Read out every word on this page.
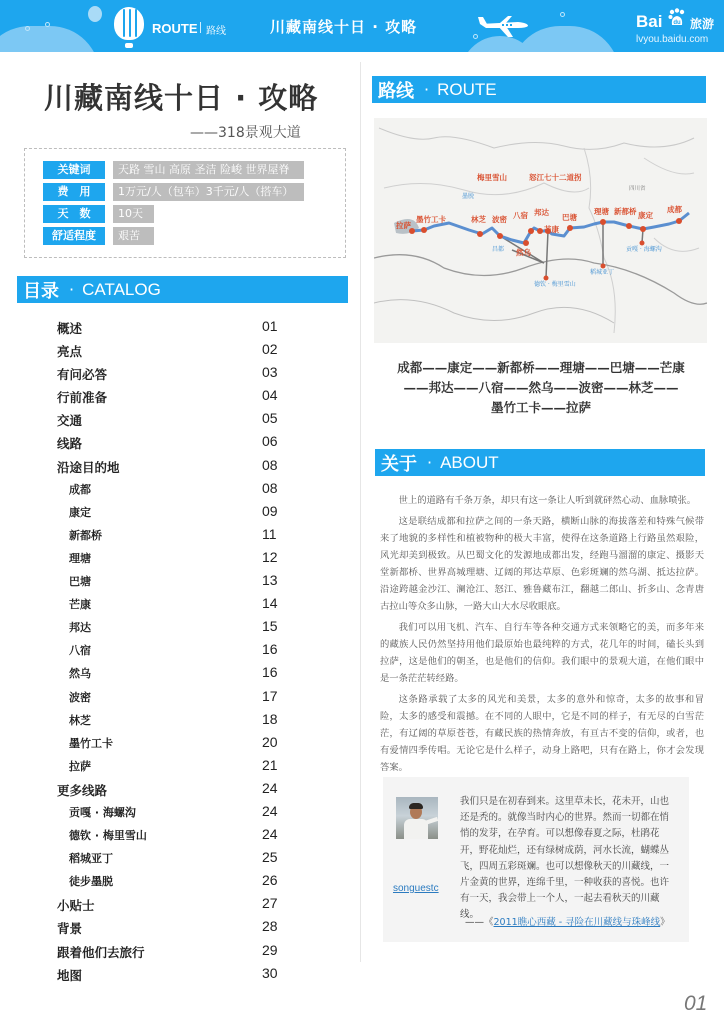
ROUTE 路线	川藏南线十日 · 攻略	Bai du 旅游
lvyou.baidu.com
川藏南线十日 · 攻略
——318景观大道
关键词	天路 雪山 高原 圣洁 险峻 世界屋脊
费　用	1万元/人（包车）3千元/人（搭车）
天　数	10天
舒适程度	艰苦
目录 · CATALOG
概述	01
亮点	02
有问必答	03
行前准备	04
交通	05
线路	06
沿途目的地	08
成都	08
康定	09
新都桥	11
理塘	12
巴塘	13
芒康	14
邦达	15
八宿	16
然乌	16
波密	17
林芝	18
墨竹工卡	20
拉萨	21
更多线路	24
贡嘎 · 海螺沟	24
德钦 · 梅里雪山	24
稻城亚丁	25
徒步墨脱	26
小贴士	27
背景	28
跟着他们去旅行	29
地图	30
路线 · ROUTE
拉萨
墨竹工卡	林芝 波密 八宿 邦达
然乌
芒康
巴塘
理塘 新都桥 康定
成都
梅里雪山	怒江七十二道拐
贡嘎 · 海螺沟
稻城亚丁
德钦 · 梅里雪山
墨脱
昌都
四川省
成都——康定——新都桥——理塘——巴塘——芒康
——邦达——八宿——然乌——波密——林芝——
墨竹工卡——拉萨
关于 · ABOUT

世上的道路有千条万条，却只有这一条让人听到就砰然心动、血脉喷张。

这是联结成都和拉萨之间的一条天路，横断山脉的海拔落差和特殊气候带来了地貌的多样性和植被物种的极大丰富，使得在这条道路上行路虽然艰险，风光却美到极致。从巴蜀文化的发源地成都出发，经跑马溜溜的康定、摄影天堂新都桥、世界高城理塘、辽阔的邦达草原、色彩斑斓的然乌湖、抵达拉萨。沿途跨越金沙江、澜沧江、怒江、雅鲁藏布江，翻越二郎山、折多山、念青唐古拉山等众多山脉，一路大山大水尽收眼底。

我们可以用飞机、汽车、自行车等各种交通方式来领略它的美，而多年来的藏族人民仍然坚持用他们最原始也最纯粹的方式，花几年的时间，磕长头到拉萨，这是他们的朝圣，也是他们的信仰。我们眼中的景观大道，在他们眼中是一条茫茫转经路。

这条路承载了太多的风光和美景，太多的意外和惊奇，太多的故事和冒险，太多的感受和震撼。在不同的人眼中，它是不同的样子，有无尽的白雪茫茫，有辽阔的草原苍苍，有藏民族的热情奔放，有亘古不变的信仰，或者，也有爱情四季传唱。无论它是什么样子，动身上路吧，只有在路上，你才会发现答案。

songuestc
我们只是在初春到来。这里草未长，花未开，山也还是秃的。就像当时内心的世界。然而一切都在悄悄的发芽，在孕育。可以想像春夏之际，杜鹃花开，野花灿烂，还有绿树成荫，河水长流，蝴蝶丛飞，四周五彩斑斓。也可以想像秋天的川藏线，一片金黄的世界，连绵千里，一种收获的喜悦。也许有一天，我会带上一个人，一起去看秋天的川藏线。
——《2011瞧心西藏 - 寻险在川藏线与珠峰线》
01
